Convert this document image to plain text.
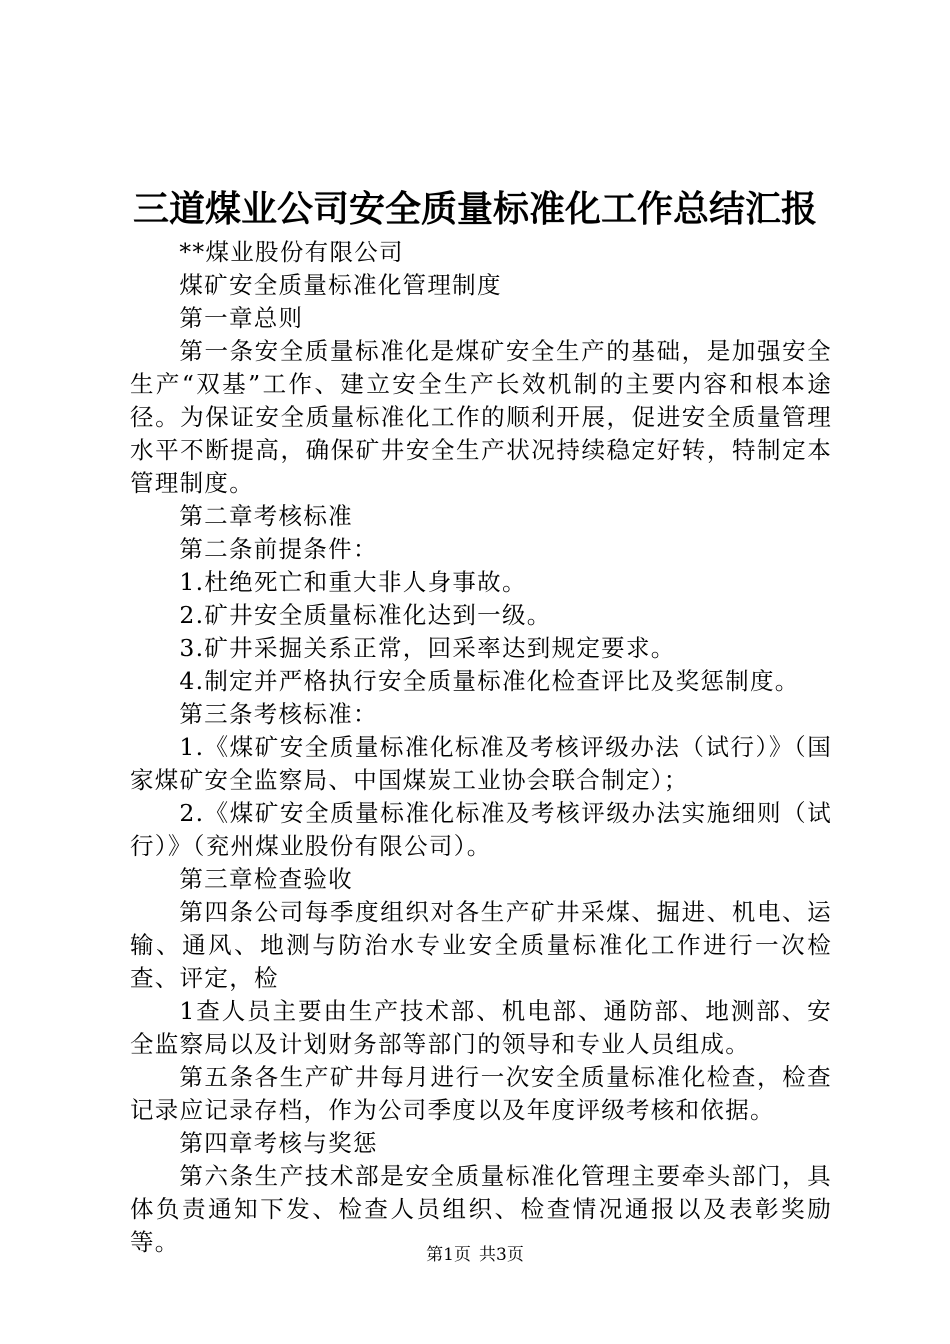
三道煤业公司安全质量标准化工作总结汇报

**煤业股份有限公司

煤矿安全质量标准化管理制度

第一章总则

第一条安全质量标准化是煤矿安全生产的基础，是加强安全生产“双基”工作、建立安全生产长效机制的主要内容和根本途径。为保证安全质量标准化工作的顺利开展，促进安全质量管理水平不断提高，确保矿井安全生产状况持续稳定好转，特制定本管理制度。

第二章考核标准

第二条前提条件：

1.杜绝死亡和重大非人身事故。

2.矿井安全质量标准化达到一级。

3.矿井采掘关系正常，回采率达到规定要求。

4.制定并严格执行安全质量标准化检查评比及奖惩制度。

第三条考核标准：

1.《煤矿安全质量标准化标准及考核评级办法（试行）》（国家煤矿安全监察局、中国煤炭工业协会联合制定）；

2.《煤矿安全质量标准化标准及考核评级办法实施细则（试行）》（兖州煤业股份有限公司）。

第三章检查验收

第四条公司每季度组织对各生产矿井采煤、掘进、机电、运输、通风、地测与防治水专业安全质量标准化工作进行一次检查、评定，检

1查人员主要由生产技术部、机电部、通防部、地测部、安全监察局以及计划财务部等部门的领导和专业人员组成。

第五条各生产矿井每月进行一次安全质量标准化检查，检查记录应记录存档，作为公司季度以及年度评级考核和依据。

第四章考核与奖惩

第六条生产技术部是安全质量标准化管理主要牵头部门，具体负责通知下发、检查人员组织、检查情况通报以及表彰奖励等。	第1页 共3页
